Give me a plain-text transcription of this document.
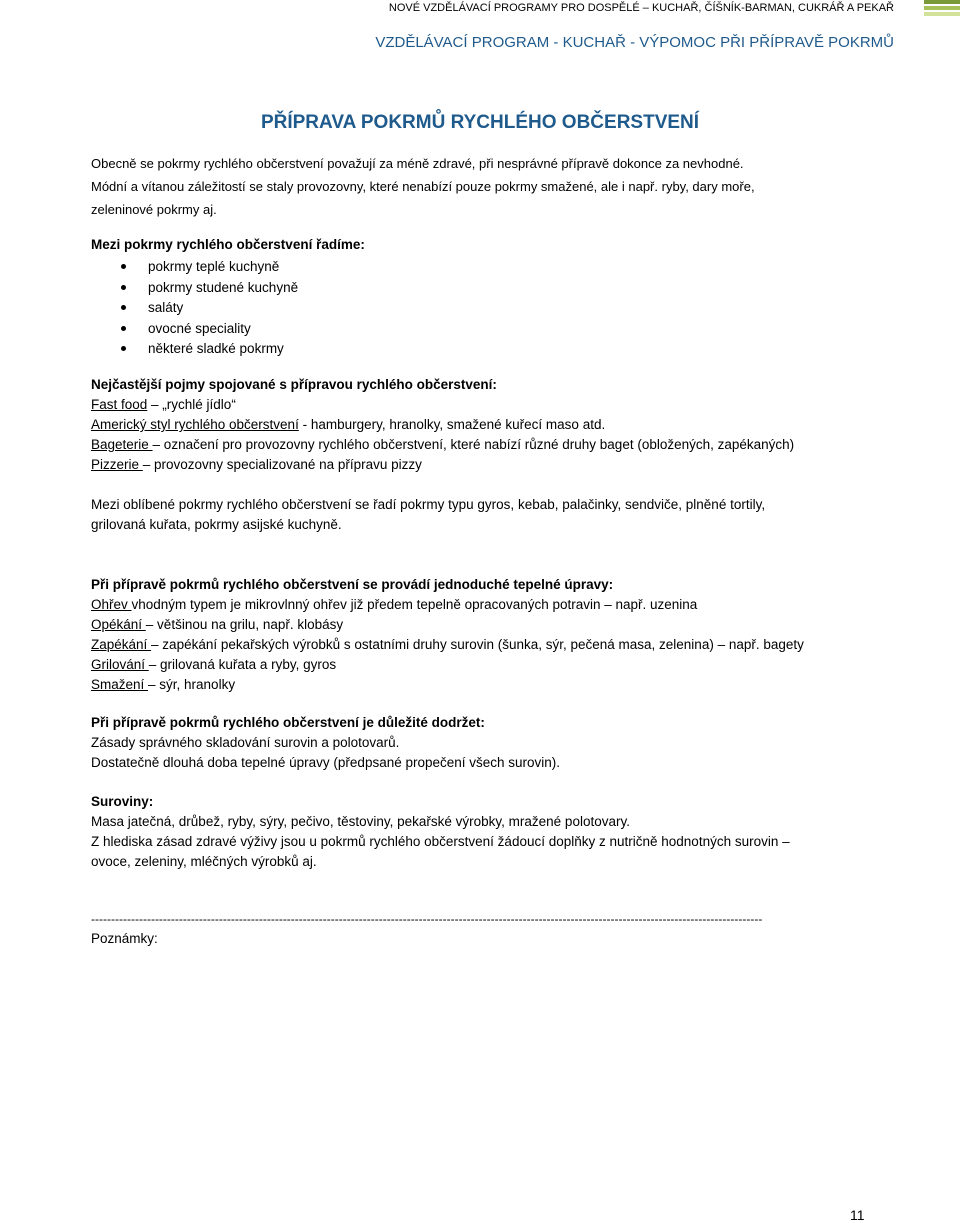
NOVÉ VZDĚLÁVACÍ PROGRAMY PRO DOSPĚLÉ – KUCHAŘ, ČÍŠNÍK-BARMAN, CUKRÁŘ A PEKAŘ
VZDĚLÁVACÍ PROGRAM - KUCHAŘ - VÝPOMOC PŘI PŘÍPRAVĚ POKRMŮ
PŘÍPRAVA POKRMŮ RYCHLÉHO OBČERSTVENÍ

Obecně se pokrmy rychlého občerstvení považují za méně zdravé, při nesprávné přípravě dokonce za nevhodné.

Módní a vítanou záležitostí se staly provozovny, které nenabízí pouze pokrmy smažené, ale i např. ryby, dary moře,

zeleninové pokrmy aj.

Mezi pokrmy rychlého občerstvení řadíme:

pokrmy teplé kuchyně
pokrmy studené kuchyně
saláty
ovocné speciality
některé sladké pokrmy

Nejčastější pojmy spojované s přípravou rychlého občerstvení:

Fast food – „rychlé jídlo“

Americký styl rychlého občerstvení - hamburgery, hranolky, smažené kuřecí maso atd.

Bageterie – označení pro provozovny rychlého občerstvení, které nabízí různé druhy baget (obložených, zapékaných)

Pizzerie – provozovny specializované na přípravu pizzy

Mezi oblíbené pokrmy rychlého občerstvení se řadí pokrmy typu gyros, kebab, palačinky, sendviče, plněné tortily,

grilovaná kuřata, pokrmy asijské kuchyně.

Při přípravě pokrmů rychlého občerstvení se provádí jednoduché tepelné úpravy:

Ohřev vhodným typem je mikrovlnný ohřev již předem tepelně opracovaných potravin – např. uzenina

Opékání – většinou na grilu, např. klobásy

Zapékání – zapékání pekařských výrobků s ostatními druhy surovin (šunka, sýr, pečená masa, zelenina) – např. bagety

Grilování – grilovaná kuřata a ryby, gyros

Smažení – sýr, hranolky

Při přípravě pokrmů rychlého občerstvení je důležité dodržet:

Zásady správného skladování surovin a polotovarů.

Dostatečně dlouhá doba tepelné úpravy (předpsané propečení všech surovin).

Suroviny:

Masa jatečná, drůbež, ryby, sýry, pečivo, těstoviny, pekařské výrobky, mražené polotovary.

Z hlediska zásad zdravé výživy jsou u pokrmů rychlého občerstvení žádoucí doplňky z nutričně hodnotných surovin –

ovoce, zeleniny, mléčných výrobků aj.

------------------------------------------------------------------------------------------------------------------------------------------------------------------------

Poznámky:

11
